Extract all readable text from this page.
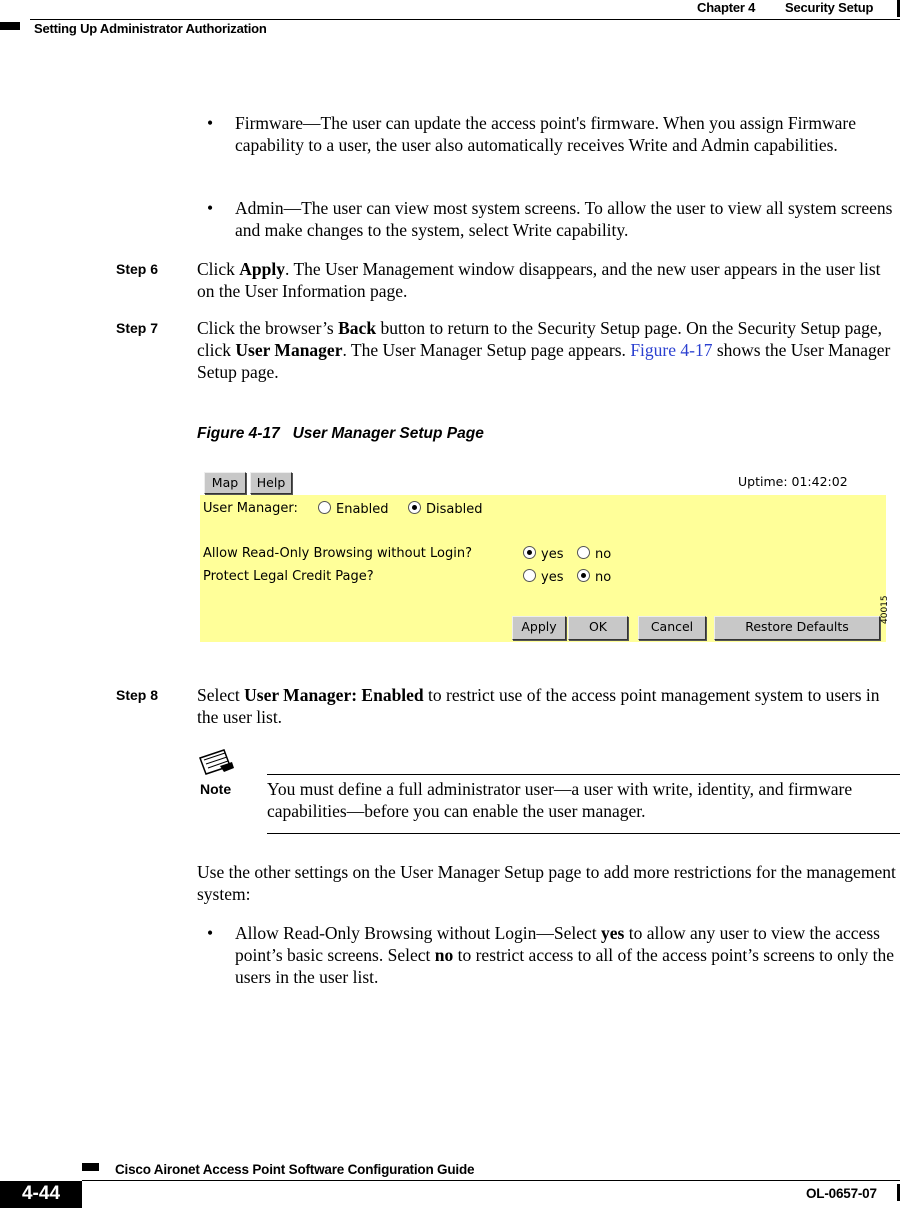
Chapter 4 Security Setup
Setting Up Administrator Authorization
• Firmware—The user can update the access point's firmware. When you assign Firmware capability to a user, the user also automatically receives Write and Admin capabilities.
• Admin—The user can view most system screens. To allow the user to view all system screens and make changes to the system, select Write capability.
Step 6 Click Apply. The User Management window disappears, and the new user appears in the user list on the User Information page.
Step 7 Click the browser’s Back button to return to the Security Setup page. On the Security Setup page, click User Manager. The User Manager Setup page appears. Figure 4-17 shows the User Manager Setup page.
Figure 4-17   User Manager Setup Page
Map	Help	Uptime: 01:42:02
User Manager:	Enabled	Disabled
Allow Read-Only Browsing without Login?	yes	no
Protect Legal Credit Page?	yes	no
Apply	OK	Cancel	Restore Defaults
40015
Step 8 Select User Manager: Enabled to restrict use of the access point management system to users in the user list.
Note You must define a full administrator user—a user with write, identity, and firmware capabilities—before you can enable the user manager.
Use the other settings on the User Manager Setup page to add more restrictions for the management system:
• Allow Read-Only Browsing without Login—Select yes to allow any user to view the access point’s basic screens. Select no to restrict access to all of the access point’s screens to only the users in the user list.
Cisco Aironet Access Point Software Configuration Guide
4-44	OL-0657-07
